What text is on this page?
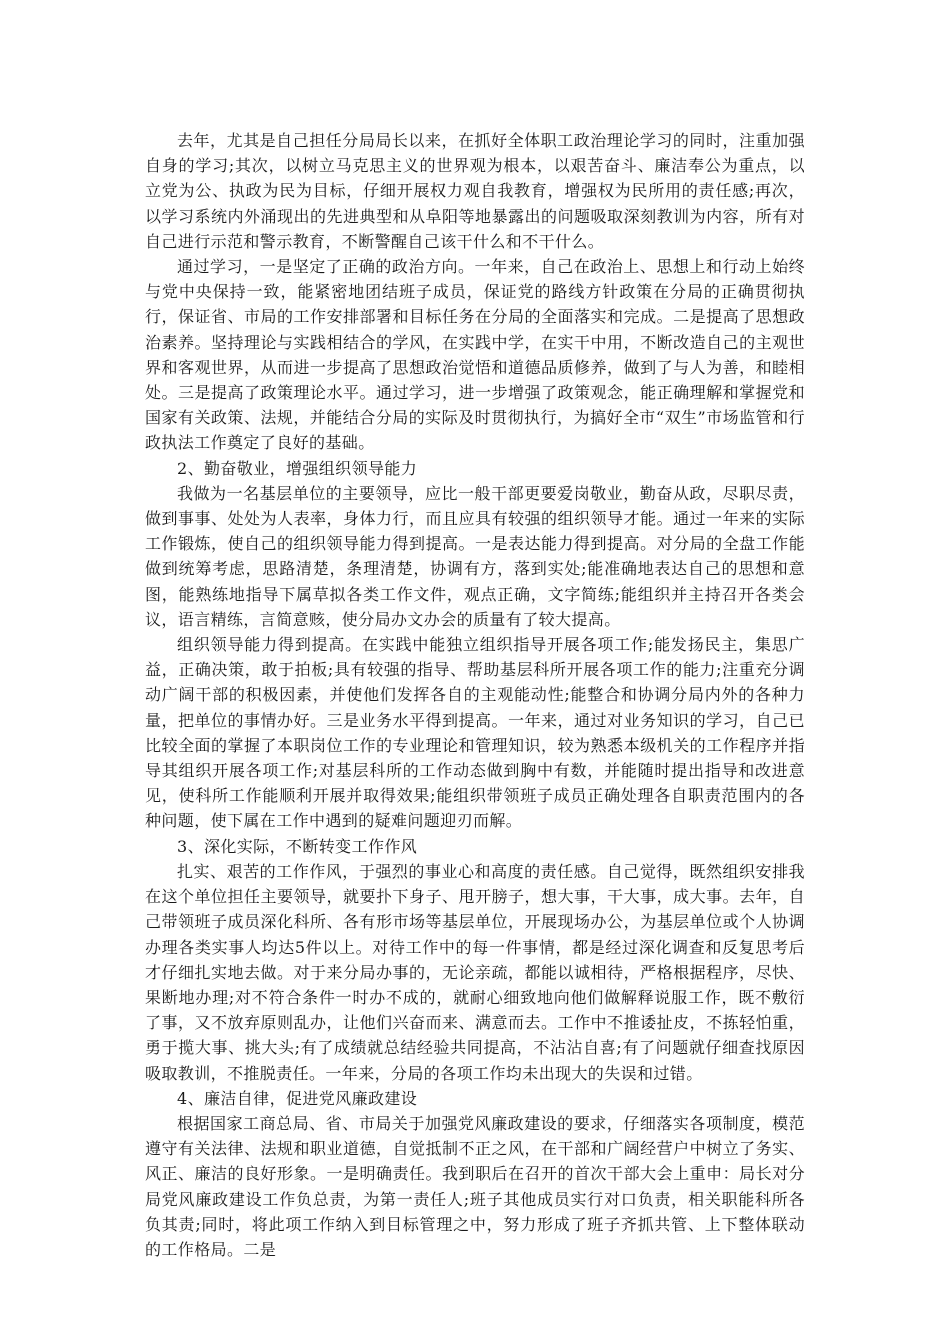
去年，尤其是自己担任分局局长以来，在抓好全体职工政治理论学习的同时，注重加强自身的学习;其次，以树立马克思主义的世界观为根本，以艰苦奋斗、廉洁奉公为重点，以立党为公、执政为民为目标，仔细开展权力观自我教育，增强权为民所用的责任感;再次，以学习系统内外涌现出的先进典型和从阜阳等地暴露出的问题吸取深刻教训为内容，所有对自己进行示范和警示教育，不断警醒自己该干什么和不干什么。

通过学习，一是坚定了正确的政治方向。一年来，自己在政治上、思想上和行动上始终与党中央保持一致，能紧密地团结班子成员，保证党的路线方针政策在分局的正确贯彻执行，保证省、市局的工作安排部署和目标任务在分局的全面落实和完成。二是提高了思想政治素养。坚持理论与实践相结合的学风，在实践中学，在实干中用，不断改造自己的主观世界和客观世界，从而进一步提高了思想政治觉悟和道德品质修养，做到了与人为善，和睦相处。三是提高了政策理论水平。通过学习，进一步增强了政策观念，能正确理解和掌握党和国家有关政策、法规，并能结合分局的实际及时贯彻执行，为搞好全市“双生”市场监管和行政执法工作奠定了良好的基础。

2、勤奋敬业，增强组织领导能力

我做为一名基层单位的主要领导，应比一般干部更要爱岗敬业，勤奋从政，尽职尽责，做到事事、处处为人表率，身体力行，而且应具有较强的组织领导才能。通过一年来的实际工作锻炼，使自己的组织领导能力得到提高。一是表达能力得到提高。对分局的全盘工作能做到统筹考虑，思路清楚，条理清楚，协调有方，落到实处;能准确地表达自己的思想和意图，能熟练地指导下属草拟各类工作文件，观点正确，文字简练;能组织并主持召开各类会议，语言精练，言简意赅，使分局办文办会的质量有了较大提高。

组织领导能力得到提高。在实践中能独立组织指导开展各项工作;能发扬民主，集思广益，正确决策，敢于拍板;具有较强的指导、帮助基层科所开展各项工作的能力;注重充分调动广阔干部的积极因素，并使他们发挥各自的主观能动性;能整合和协调分局内外的各种力量，把单位的事情办好。三是业务水平得到提高。一年来，通过对业务知识的学习，自己已比较全面的掌握了本职岗位工作的专业理论和管理知识，较为熟悉本级机关的工作程序并指导其组织开展各项工作;对基层科所的工作动态做到胸中有数，并能随时提出指导和改进意见，使科所工作能顺利开展并取得效果;能组织带领班子成员正确处理各自职责范围内的各种问题，使下属在工作中遇到的疑难问题迎刃而解。

3、深化实际，不断转变工作作风

扎实、艰苦的工作作风，于强烈的事业心和高度的责任感。自己觉得，既然组织安排我在这个单位担任主要领导，就要扑下身子、甩开膀子，想大事，干大事，成大事。去年，自己带领班子成员深化科所、各有形市场等基层单位，开展现场办公，为基层单位或个人协调办理各类实事人均达5件以上。对待工作中的每一件事情，都是经过深化调查和反复思考后才仔细扎实地去做。对于来分局办事的，无论亲疏，都能以诚相待，严格根据程序，尽快、果断地办理;对不符合条件一时办不成的，就耐心细致地向他们做解释说服工作，既不敷衍了事，又不放弃原则乱办，让他们兴奋而来、满意而去。工作中不推诿扯皮，不拣轻怕重，勇于揽大事、挑大头;有了成绩就总结经验共同提高，不沾沾自喜;有了问题就仔细查找原因吸取教训，不推脱责任。一年来，分局的各项工作均未出现大的失误和过错。

4、廉洁自律，促进党风廉政建设

根据国家工商总局、省、市局关于加强党风廉政建设的要求，仔细落实各项制度，模范遵守有关法律、法规和职业道德，自觉抵制不正之风，在干部和广阔经营户中树立了务实、风正、廉洁的良好形象。一是明确责任。我到职后在召开的首次干部大会上重申：局长对分局党风廉政建设工作负总责，为第一责任人;班子其他成员实行对口负责，相关职能科所各负其责;同时，将此项工作纳入到目标管理之中，努力形成了班子齐抓共管、上下整体联动的工作格局。二是
